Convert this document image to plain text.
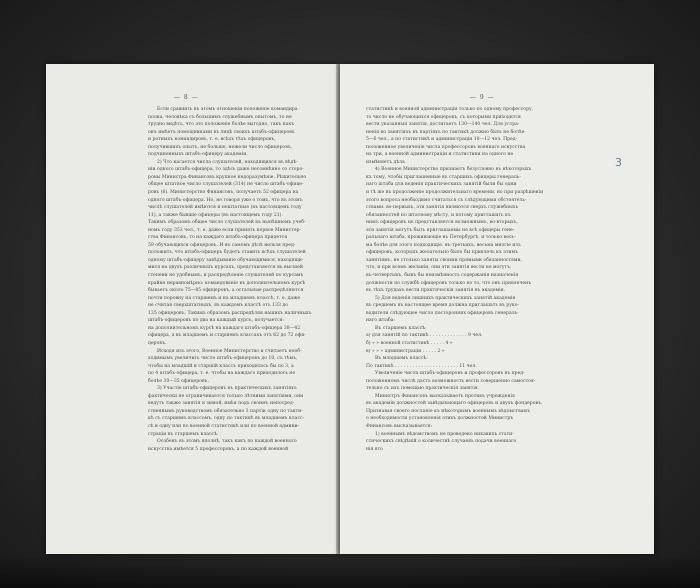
— 8 —
Если сравнить въ этомъ отношеніи положеніе командира
полка, человѣка съ большимъ служебнымъ опытомъ, то не
трудно видѣть, что это положеніе болѣе выгодно, такъ какъ
онъ имѣетъ помощниками въ лицѣ своихъ штабъ-офицеровъ
и ротныхъ командировъ, т. е. всѣхъ тѣхъ офицеровъ,
получившихъ опытъ, не больше, нежели число офицеровъ,
подчиненныхъ штабъ-офицеру академіи.
2) Что касается числа слушателей, находящихся въ вѣдѣ-
ніи одного штабъ-офицера, то здѣсь даже несомнѣнно со сторо-
роны Министра Финансовъ крупное недоразумѣніе. Рѣшительно
общее штатное число слушателей (314) не число штабъ-офице-
ровъ (6). Министерство Финансовъ, получаетъ 52 офицера на
одного штабъ-офицера. Но, не говоря уже о томъ, что въ этомъ
числѣ слушателей имѣются и нештатные (въ настоящемъ году
11), а также бывшіе офицеры (въ настоящемъ году 21).
Такимъ образомъ общее число слушателей въ нынѣшнемъ учеб-
номъ году 353 чел., т. е. даже если принять первое Министер-
ства Финансовъ, то на каждаго штабъ-офицера придется
59 обучающихся офицеровъ. И въ самомъ дѣлѣ нельзя пред-
положить, что штабъ-офицеръ будетъ ставить всѣхъ слушателей
одному штабъ-офицеру завѣдываніе обучающимися, находящи-
мися на двухъ различныхъ курсахъ, представляется въ высшей
степени не удобнымъ, и распредѣленіе слушателей по курсамъ
крайне неравномѣрно: командованіе въ дополнительномъ курсѣ
бываетъ около 75—85 офицеровъ, а остальные распредѣляются
почти поровну на старшемъ и на младшемъ классѣ, т. е. даже
не считая сверхштатныхъ, въ каждомъ классѣ отъ 133 до
135 офицеровъ. Такимъ образомъ распредѣляя нашихъ наличныхъ
штабъ-офицеровъ по два на каждый курсъ, получается:
на дополнительномъ курсѣ на каждаго штабъ-офицера 38—42
офицера, а въ младшемъ и старшемъ классахъ отъ 62 до 72 офи-
церовъ.
Исходя изъ этого, Военное Министерство и считаетъ необ-
ходимымъ увеличить число штабъ-офицеровъ до 10, съ тѣмъ,
чтобы на младшій и старшій классъ приходилось бы по 3, а
по 4 штабъ-офицера, т. е. чтобы на каждаго приходилось не
болѣе 30—35 офицеровъ.
3) Участіе штабъ-офицеровъ въ практическихъ занятіяхъ
фактически не ограничивается только лѣтними занятіями, они
ведутъ также занятія и зимой, имѣя подъ своимъ непосред-
ственнымъ руководствомъ обязательно 3 партіи одну по такти-
кѣ съ старшимъ классомъ, одну по тактикѣ въ младшемъ класс-
сѣ и одну или по военной статистикѣ или по военной админи-
страціи въ старшемъ классѣ.
Особенъ въ этомъ вполнѣ, такъ какъ по каждой военного
искусства имѣется 5 профессоровъ, а по каждой военной
— 9 —
3
статистикѣ и военной администраціи только по одному профессору,
то число не обучающихся офицеровъ, съ которыми приходится
вести указанныя занятія, достигаетъ 130—140 чел. Для устра-
ненія во занятіяхъ въ партіяхъ по тактикѣ должно быть не болѣе
5—6 чел., а по статистикѣ и администраціи 10—12 чел. Пред-
положенное увеличеніе числа профессоровъ военнаго искусства
на три, а военной администраціи и статистики на одного не
измѣняетъ дѣла.
4) Военное Министерство признаетъ безусловно въ нѣкоторыхъ
къ тому, чтобы приглашенные въ старшихъ офицеры генераль-
наго штаба для веденія практическихъ занятій были бы одни
и тѣ же въ продолженіе продолжительнаго времени, но при разрѣшеніи
этого вопроса необходимо считаться съ слѣдующими обстоятель-
ствами: во-первыхъ, эти занятія являются сверхъ служебныхъ
обязанностей по штатному мѣсту, и потому приглашать къ
нимъ офицеровъ не представляется возможнымъ, во-вторыхъ,
эти занятія могутъ быть приглашаемы не всѣ офицеры гене-
ральнаго штаба, проживающіе въ Петербургѣ, и только весь-
ма болѣе для этого подходящіе, въ-третьихъ, весьма многіе изъ
офицеровъ, которыхъ желательно было бы привлечь къ этимъ
занятіямъ, не столько заняты своими прямыми обязанностями,
что, и при всемъ желаніи, они эти занятія вести не могутъ,
въ-четвертыхъ, бывъ бы неизмѣнность содержанія назначенія
должности по службѣ офицеровъ только по то, что онъ привлеченъ
въ тѣхъ трудахъ вести практическія занятія въ академіи.
5) Для веденія лишнихъ практическихъ занятій академія
въ среднемъ въ настоящее время должна приглашать въ руко-
водители слѣдующее число посторонних офицеровъ генераль-
наго штаба:
Въ старшемъ классѣ:
а) для занятій по тактикѣ . . . . . . . . . . . . . 9 чел.
б) » » военной статистикѣ . . . . . 4 »
в) » » » администраціи . . . . . 2 »
Въ младшемъ классѣ:
По тактикѣ . . . . . . . . . . . . . . . . . . . . . . 11 чел.
Увеличеніе числа штабъ-офицеровъ и профессоровъ въ пред-
положенномъ числѣ дастъ возможность вести совершенно самостоя-
тельно съ ихъ помощью практическія занятія.
Министръ Финансовъ высказываетъ противъ учрежденія
въ академіи должностей завѣдывающаго офицеровъ и двухъ фондеровъ.
Признавая своего посланіе къ нѣкоторымъ военнымъ вѣдомствамъ
о необходимости установленія этихъ должностей Министръ
Финансовъ высказывается:
1) военнымъ вѣдомствомъ не проведено никакихъ стати-
стическихъ свѣдѣній о количествѣ случаевъ подачи военнаго
нія вто
